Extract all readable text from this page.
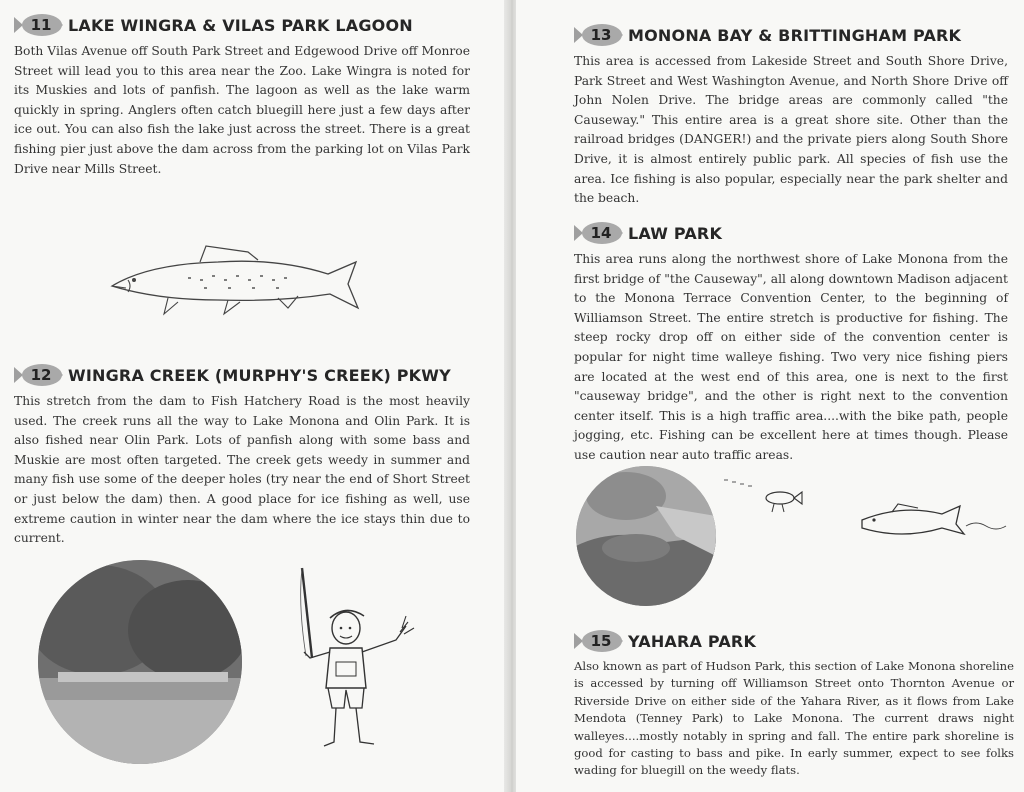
11 LAKE WINGRA & VILAS PARK LAGOON

Both Vilas Avenue off South Park Street and Edgewood Drive off Monroe Street will lead you to this area near the Zoo. Lake Wingra is noted for its Muskies and lots of panfish. The lagoon as well as the lake warm quickly in spring. Anglers often catch bluegill here just a few days after ice out. You can also fish the lake just across the street. There is a great fishing pier just above the dam across from the parking lot on Vilas Park Drive near Mills Street.

12 WINGRA CREEK (MURPHY'S CREEK) PKWY

This stretch from the dam to Fish Hatchery Road is the most heavily used. The creek runs all the way to Lake Monona and Olin Park. It is also fished near Olin Park. Lots of panfish along with some bass and Muskie are most often targeted. The creek gets weedy in summer and many fish use some of the deeper holes (try near the end of Short Street or just below the dam) then. A good place for ice fishing as well, use extreme caution in winter near the dam where the ice stays thin due to current.

13 MONONA BAY & BRITTINGHAM PARK

This area is accessed from Lakeside Street and South Shore Drive, Park Street and West Washington Avenue, and North Shore Drive off John Nolen Drive. The bridge areas are commonly called "the Causeway." This entire area is a great shore site. Other than the railroad bridges (DANGER!) and the private piers along South Shore Drive, it is almost entirely public park. All species of fish use the area. Ice fishing is also popular, especially near the park shelter and the beach.

14 LAW PARK

This area runs along the northwest shore of Lake Monona from the first bridge of "the Causeway", all along downtown Madison adjacent to the Monona Terrace Convention Center, to the beginning of Williamson Street. The entire stretch is productive for fishing. The steep rocky drop off on either side of the convention center is popular for night time walleye fishing. Two very nice fishing piers are located at the west end of this area, one is next to the first "causeway bridge", and the other is right next to the convention center itself. This is a high traffic area....with the bike path, people jogging, etc. Fishing can be excellent here at times though. Please use caution near auto traffic areas.

15 YAHARA PARK

Also known as part of Hudson Park, this section of Lake Monona shoreline is accessed by turning off Williamson Street onto Thornton Avenue or Riverside Drive on either side of the Yahara River, as it flows from Lake Mendota (Tenney Park) to Lake Monona. The current draws night walleyes....mostly notably in spring and fall. The entire park shoreline is good for casting to bass and pike. In early summer, expect to see folks wading for bluegill on the weedy flats.
